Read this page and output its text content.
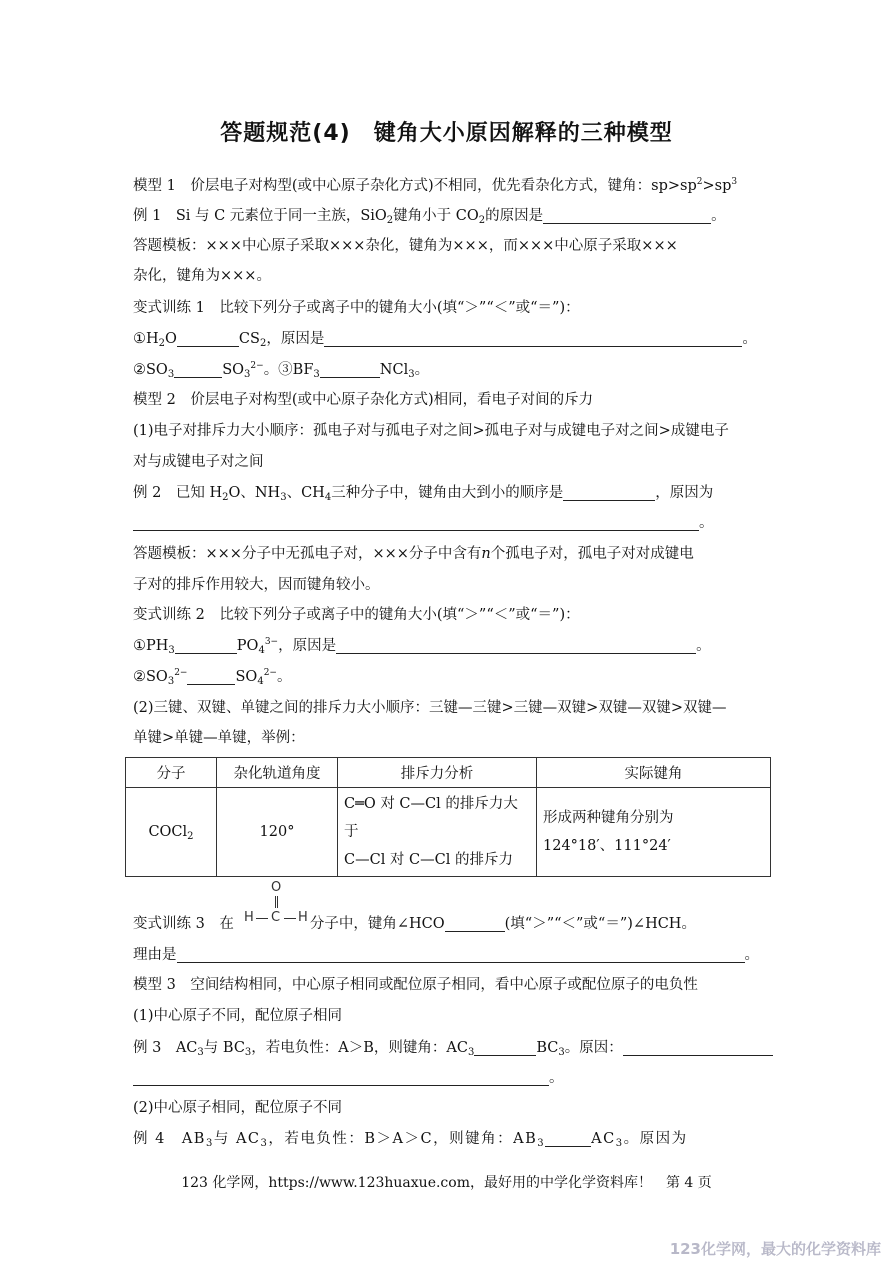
答题规范(4)　键角大小原因解释的三种模型
模型 1　价层电子对构型(或中心原子杂化方式)不相同，优先看杂化方式，键角：$sp>sp^2>sp^3$
例 1　Si 与 C 元素位于同一主族，SiO$_2$键角小于 $CO_2$的原因是	。
答题模板：×××中心原子采取×××杂化，键角为×××，而×××中心原子采取×××
杂化，键角为×××。
变式训练 1　比较下列分子或离子中的键角大小(填“＞”“＜”或“＝”)：
$①H_2O$	$CS_2$，原因是	。
$②SO_3$	$SO_3^{2-}$。$③BF_3$	NCl$_3$。
模型 2　价层电子对构型(或中心原子杂化方式)相同，看电子对间的斥力
(1)电子对排斥力大小顺序：孤电子对与孤电子对之间>孤电子对与成键电子对之间>成键电子
对与成键电子对之间
例 2　已知 $H_2O$、$NH_3$、$CH_4$三种分子中，键角由大到小的顺序是	，原因为
。
答题模板：×××分子中无孤电子对，×××分子中含有n个孤电子对，孤电子对对成键电
子对的排斥作用较大，因而键角较小。
变式训练 2　比较下列分子或离子中的键角大小(填“＞”“＜”或“＝”)：
$①PH_3$	$PO_4^{3-}$，原因是	。
$②SO_3^{2-}$	$SO_4^{2-}$。
(2)三键、双键、单键之间的排斥力大小顺序：三键—三键>三键—双键>双键—双键>双键—
单键>单键—单键，举例：
分子	杂化轨道角度	排斥力分析	实际键角
COCl$_2$	120°	C═O 对 C—Cl 的排斥力大于
C—Cl 对 C—Cl 的排斥力	形成两种键角分别为
124°18′、111°24′
O
H C H
变式训练 3　在	分子中，键角∠HCO	(填“＞”“＜”或“＝”)∠HCH。
理由是	。
模型 3　空间结构相同，中心原子相同或配位原子相同，看中心原子或配位原子的电负性
(1)中心原子不同，配位原子相同
例 3　$AC_3$与 $BC_3$，若电负性：A＞B，则键角：$AC_3$	$BC_3$。原因：
。
(2)中心原子相同，配位原子不同
例 4　$AB_3$与 $AC_3$，若电负性：B＞A＞C，则键角：$AB_3$	$AC_3$。原因为
123 化学网，https://www.123huaxue.com，最好用的中学化学资料库！　第 4 页
123化学网，最大的化学资料库
